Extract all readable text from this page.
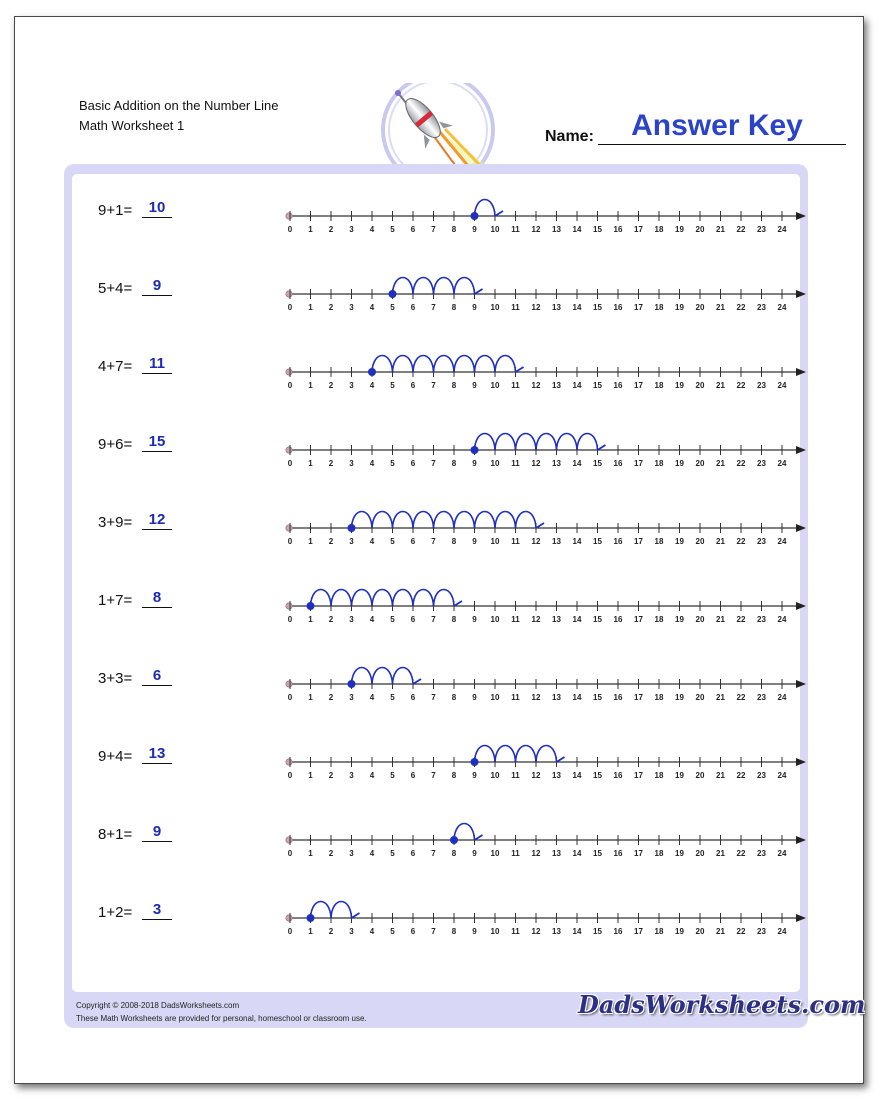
Basic Addition on the Number Line
Math Worksheet 1
Name:	Answer Key
9+1=	10
0 1 2 3 4 5 6 7 8 9 10 11 12 13 14 15 16 17 18 19 20 21 22 23 24
5+4=	9
0 1 2 3 4 5 6 7 8 9 10 11 12 13 14 15 16 17 18 19 20 21 22 23 24
4+7=	11
0 1 2 3 4 5 6 7 8 9 10 11 12 13 14 15 16 17 18 19 20 21 22 23 24
9+6=	15
0 1 2 3 4 5 6 7 8 9 10 11 12 13 14 15 16 17 18 19 20 21 22 23 24
3+9=	12
0 1 2 3 4 5 6 7 8 9 10 11 12 13 14 15 16 17 18 19 20 21 22 23 24
1+7=	8
0 1 2 3 4 5 6 7 8 9 10 11 12 13 14 15 16 17 18 19 20 21 22 23 24
3+3=	6
0 1 2 3 4 5 6 7 8 9 10 11 12 13 14 15 16 17 18 19 20 21 22 23 24
9+4=	13
0 1 2 3 4 5 6 7 8 9 10 11 12 13 14 15 16 17 18 19 20 21 22 23 24
8+1=	9
0 1 2 3 4 5 6 7 8 9 10 11 12 13 14 15 16 17 18 19 20 21 22 23 24
1+2=	3
0 1 2 3 4 5 6 7 8 9 10 11 12 13 14 15 16 17 18 19 20 21 22 23 24
Copyright © 2008-2018 DadsWorksheets.com
These Math Worksheets are provided for personal, homeschool or classroom use.	DadsWorksheets.com
